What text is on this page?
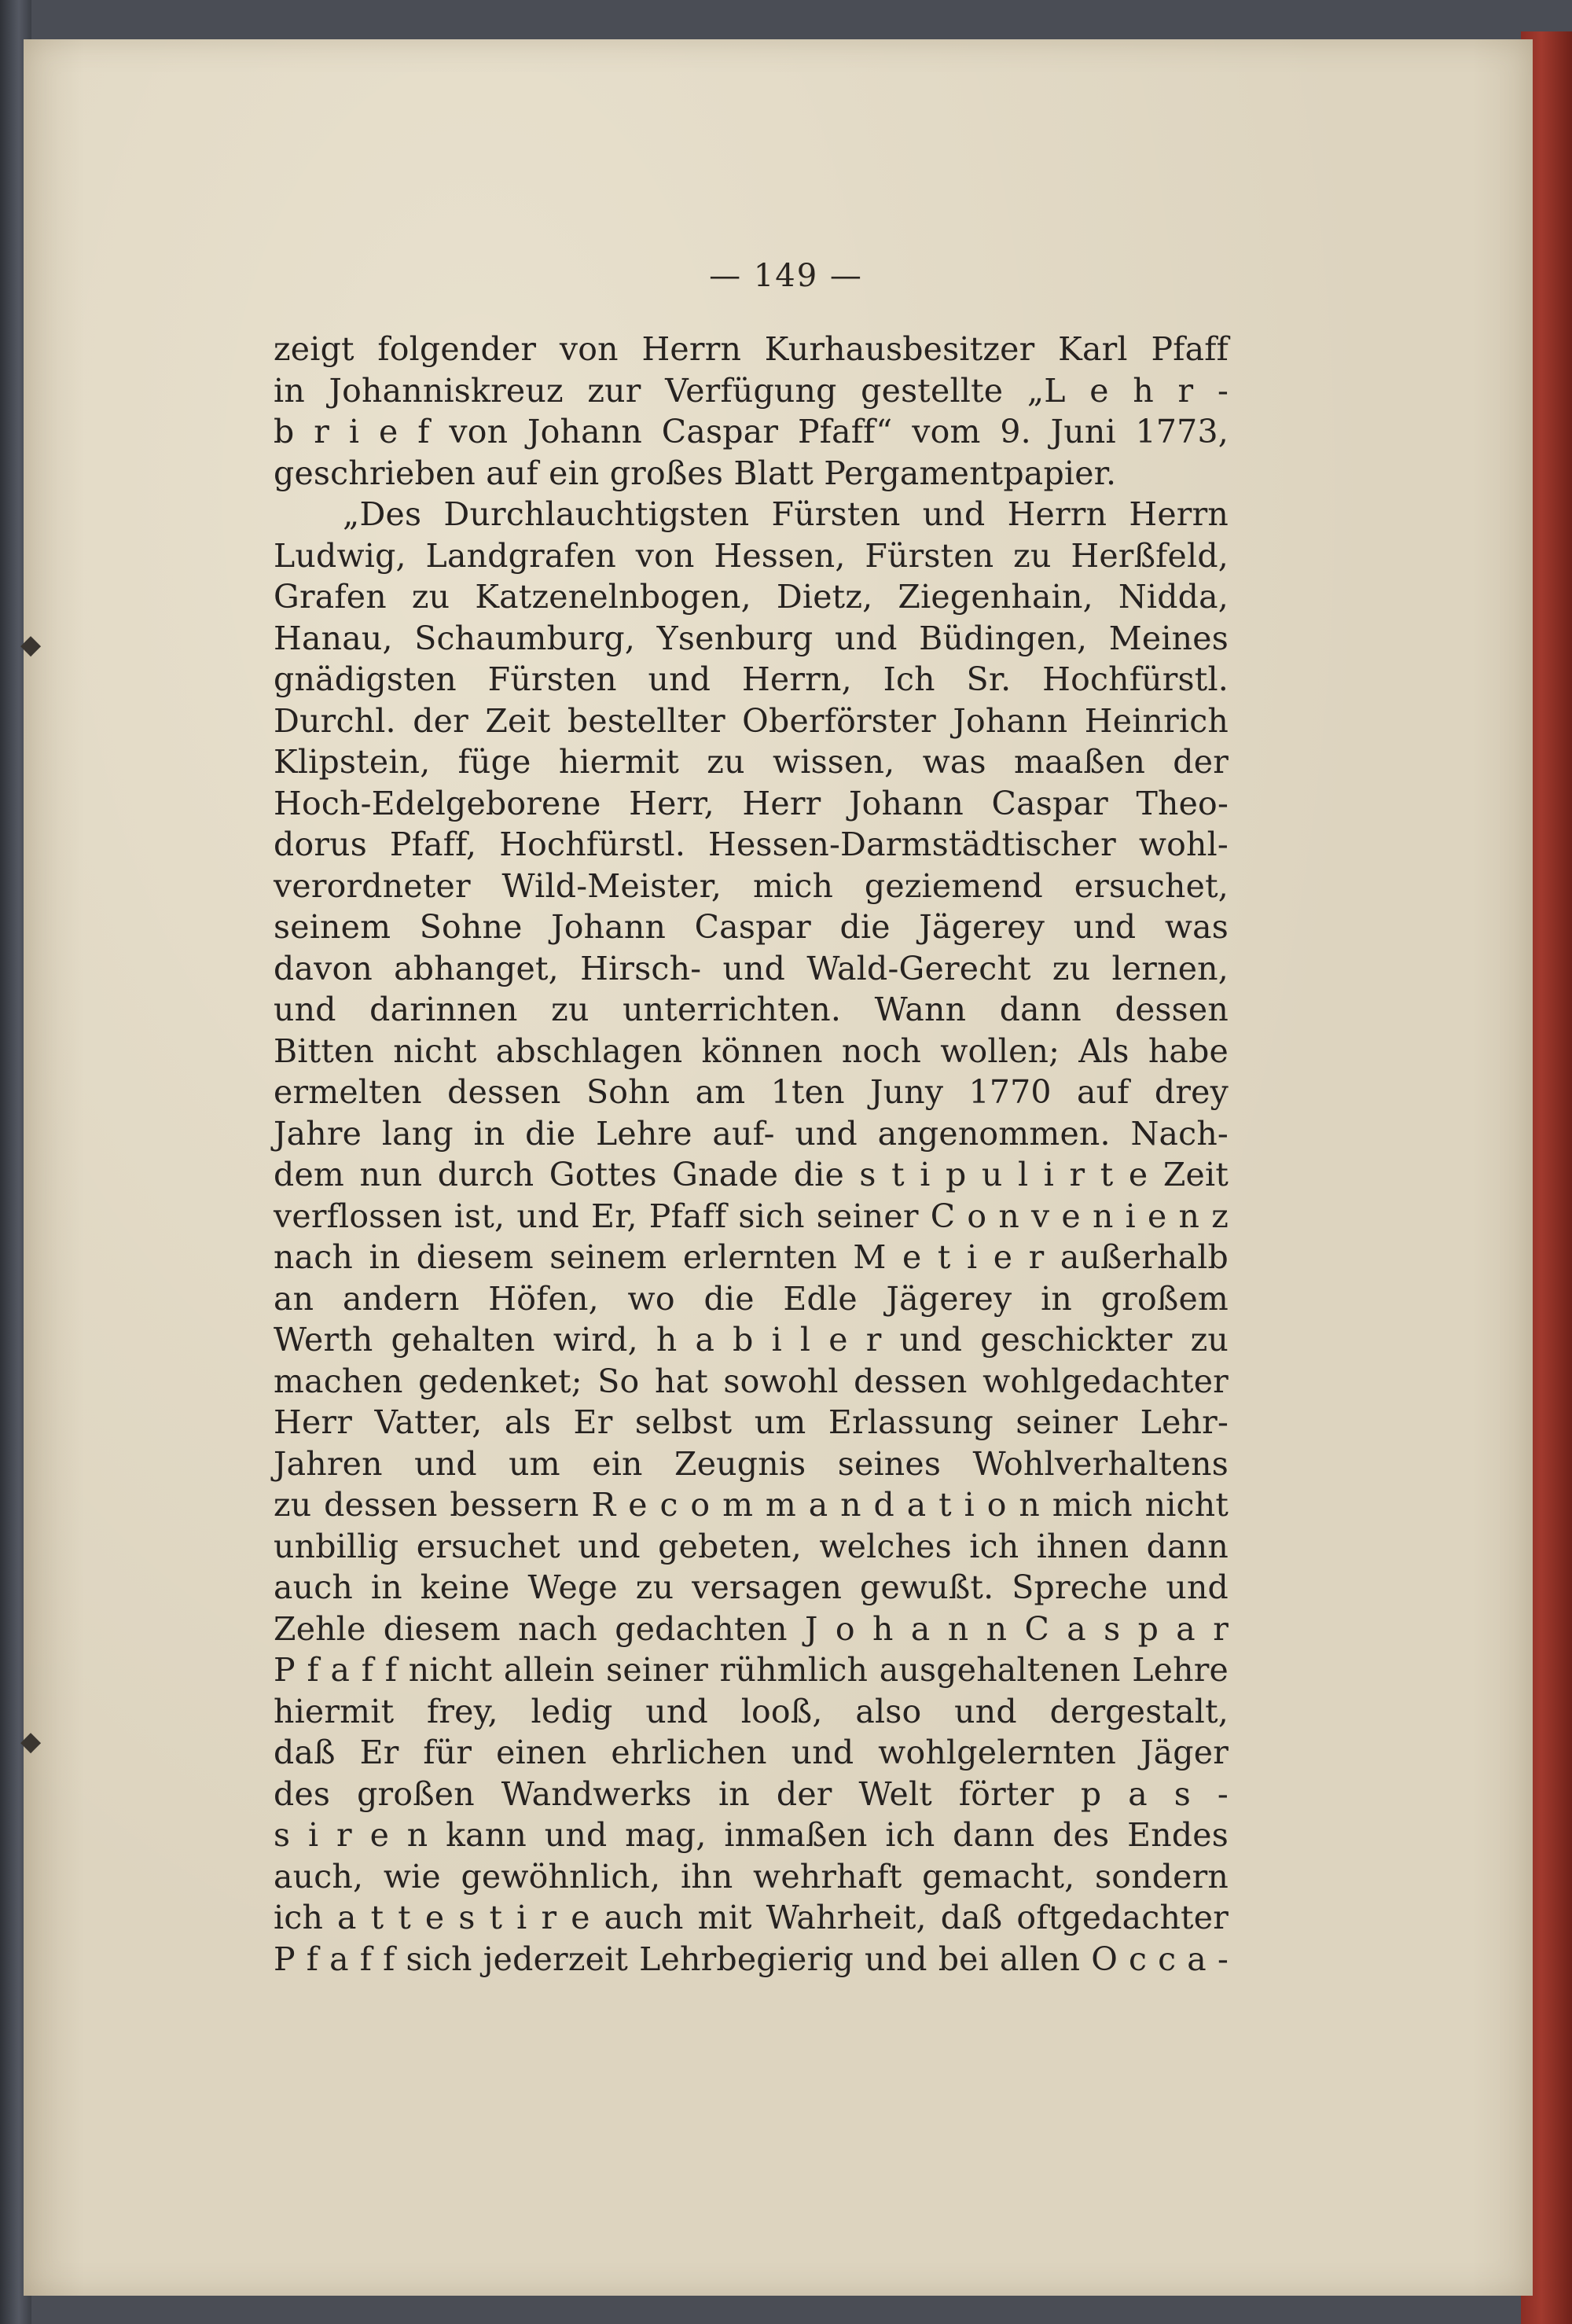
◆
◆
— 149 —
zeigt folgender von Herrn Kurhausbesitzer Karl Pfaff
in Johanniskreuz zur Verfügung gestellte „L e h r -
b r i e f von Johann Caspar Pfaff“ vom 9. Juni 1773,
geschrieben auf ein großes Blatt Pergamentpapier.
„Des Durchlauchtigsten Fürsten und Herrn Herrn
Ludwig, Landgrafen von Hessen, Fürsten zu Herßfeld,
Grafen zu Katzenelnbogen, Dietz, Ziegenhain, Nidda,
Hanau, Schaumburg, Ysenburg und Büdingen, Meines
gnädigsten Fürsten und Herrn, Ich Sr. Hochfürstl.
Durchl. der Zeit bestellter Oberförster Johann Heinrich
Klipstein, füge hiermit zu wissen, was maaßen der
Hoch-Edelgeborene Herr, Herr Johann Caspar Theo-
dorus Pfaff, Hochfürstl. Hessen-Darmstädtischer wohl-
verordneter Wild-Meister, mich geziemend ersuchet,
seinem Sohne Johann Caspar die Jägerey und was
davon abhanget, Hirsch- und Wald-Gerecht zu lernen,
und darinnen zu unterrichten. Wann dann dessen
Bitten nicht abschlagen können noch wollen; Als habe
ermelten dessen Sohn am 1ten Juny 1770 auf drey
Jahre lang in die Lehre auf- und angenommen. Nach-
dem nun durch Gottes Gnade die s t i p u l i r t e Zeit
verflossen ist, und Er, Pfaff sich seiner C o n v e n i e n z
nach in diesem seinem erlernten M e t i e r außerhalb
an andern Höfen, wo die Edle Jägerey in großem
Werth gehalten wird, h a b i l e r und geschickter zu
machen gedenket; So hat sowohl dessen wohlgedachter
Herr Vatter, als Er selbst um Erlassung seiner Lehr-
Jahren und um ein Zeugnis seines Wohlverhaltens
zu dessen bessern R e c o m m a n d a t i o n mich nicht
unbillig ersuchet und gebeten, welches ich ihnen dann
auch in keine Wege zu versagen gewußt. Spreche und
Zehle diesem nach gedachten J o h a n n C a s p a r
P f a f f nicht allein seiner rühmlich ausgehaltenen Lehre
hiermit frey, ledig und looß, also und dergestalt,
daß Er für einen ehrlichen und wohlgelernten Jäger
des großen Wandwerks in der Welt förter p a s -
s i r e n kann und mag, inmaßen ich dann des Endes
auch, wie gewöhnlich, ihn wehrhaft gemacht, sondern
ich a t t e s t i r e auch mit Wahrheit, daß oftgedachter
P f a f f sich jederzeit Lehrbegierig und bei allen O c c a -
